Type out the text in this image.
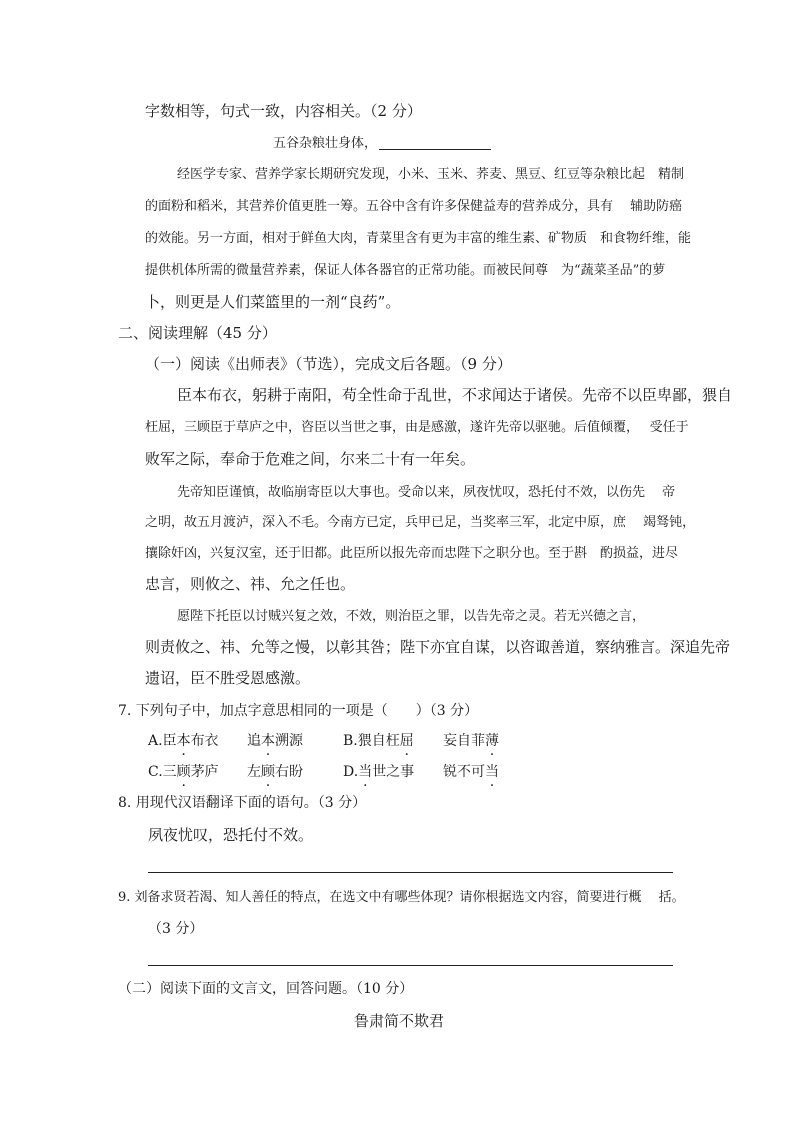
字数相等，句式一致，内容相关。（2 分）
五谷杂粮壮身体，
经医学专家、营养学家长期研究发现，小米、玉米、荞麦、黑豆、红豆等杂粮比起　精制
的面粉和稻米，其营养价值更胜一筹。五谷中含有许多保健益寿的营养成分，具有　 辅助防癌
的效能。另一方面，相对于鲜鱼大肉，青菜里含有更为丰富的维生素、矿物质　和食物纤维，能
提供机体所需的微量营养素，保证人体各器官的正常功能。而被民间尊　为“蔬菜圣品”的萝
卜，则更是人们菜篮里的一剂“良药”。
二、阅读理解（45 分）
（一）阅读《出师表》（节选），完成文后各题。（9 分）
臣本布衣，躬耕于南阳，苟全性命于乱世，不求闻达于诸侯。先帝不以臣卑鄙，猥自
枉屈，三顾臣于草庐之中，咨臣以当世之事，由是感激，遂许先帝以驱驰。后值倾覆，　 受任于
败军之际，奉命于危难之间，尔来二十有一年矣。
先帝知臣谨慎，故临崩寄臣以大事也。受命以来，夙夜忧叹，恐托付不效，以伤先　 帝
之明，故五月渡泸，深入不毛。今南方已定，兵甲已足，当奖率三军，北定中原，庶　 竭驽钝，
攘除奸凶，兴复汉室，还于旧都。此臣所以报先帝而忠陛下之职分也。至于斟　酌损益，进尽
忠言，则攸之、祎、允之任也。
愿陛下托臣以讨贼兴复之效，不效，则治臣之罪，以告先帝之灵。若无兴德之言，
则责攸之、祎、允等之慢，以彰其咎；陛下亦宜自谋，以咨诹善道，察纳雅言。深追先帝
遗诏，臣不胜受恩感激。
7. 下列句子中，加点字意思相同的一项是（　　）（3 分）
A.臣本布衣 追本溯源	B.猥自枉屈 妄自菲薄
C.三顾茅庐 左顾右盼	D.当世之事 锐不可当
8. 用现代汉语翻译下面的语句。（3 分）
夙夜忧叹，恐托付不效。
9. 刘备求贤若渴、知人善任的特点，在选文中有哪些体现？请你根据选文内容，简要进行概　 括。
（3 分）
（二）阅读下面的文言文，回答问题。（10 分）
鲁肃简不欺君
